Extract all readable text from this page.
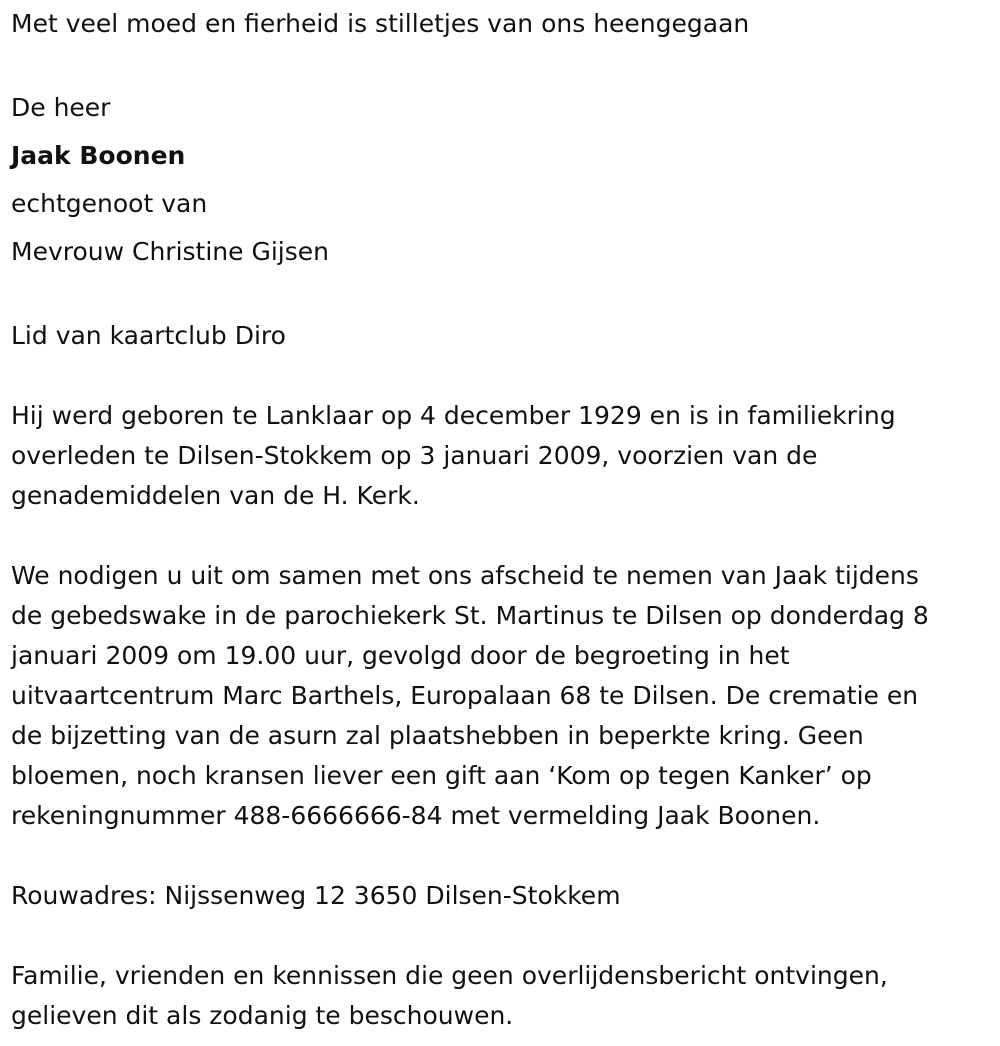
Met veel moed en fierheid is stilletjes van ons heengegaan
De heer
Jaak Boonen
echtgenoot van
Mevrouw Christine Gijsen
Lid van kaartclub Diro
Hij werd geboren te Lanklaar op 4 december 1929 en is in familiekring
overleden te Dilsen-Stokkem op 3 januari 2009, voorzien van de
genademiddelen van de H. Kerk.
We nodigen u uit om samen met ons afscheid te nemen van Jaak tijdens
de gebedswake in de parochiekerk St. Martinus te Dilsen op donderdag 8
januari 2009 om 19.00 uur, gevolgd door de begroeting in het
uitvaartcentrum Marc Barthels, Europalaan 68 te Dilsen. De crematie en
de bijzetting van de asurn zal plaatshebben in beperkte kring. Geen
bloemen, noch kransen liever een gift aan ‘Kom op tegen Kanker’ op
rekeningnummer 488-6666666-84 met vermelding Jaak Boonen.
Rouwadres: Nijssenweg 12 3650 Dilsen-Stokkem
Familie, vrienden en kennissen die geen overlijdensbericht ontvingen,
gelieven dit als zodanig te beschouwen.
